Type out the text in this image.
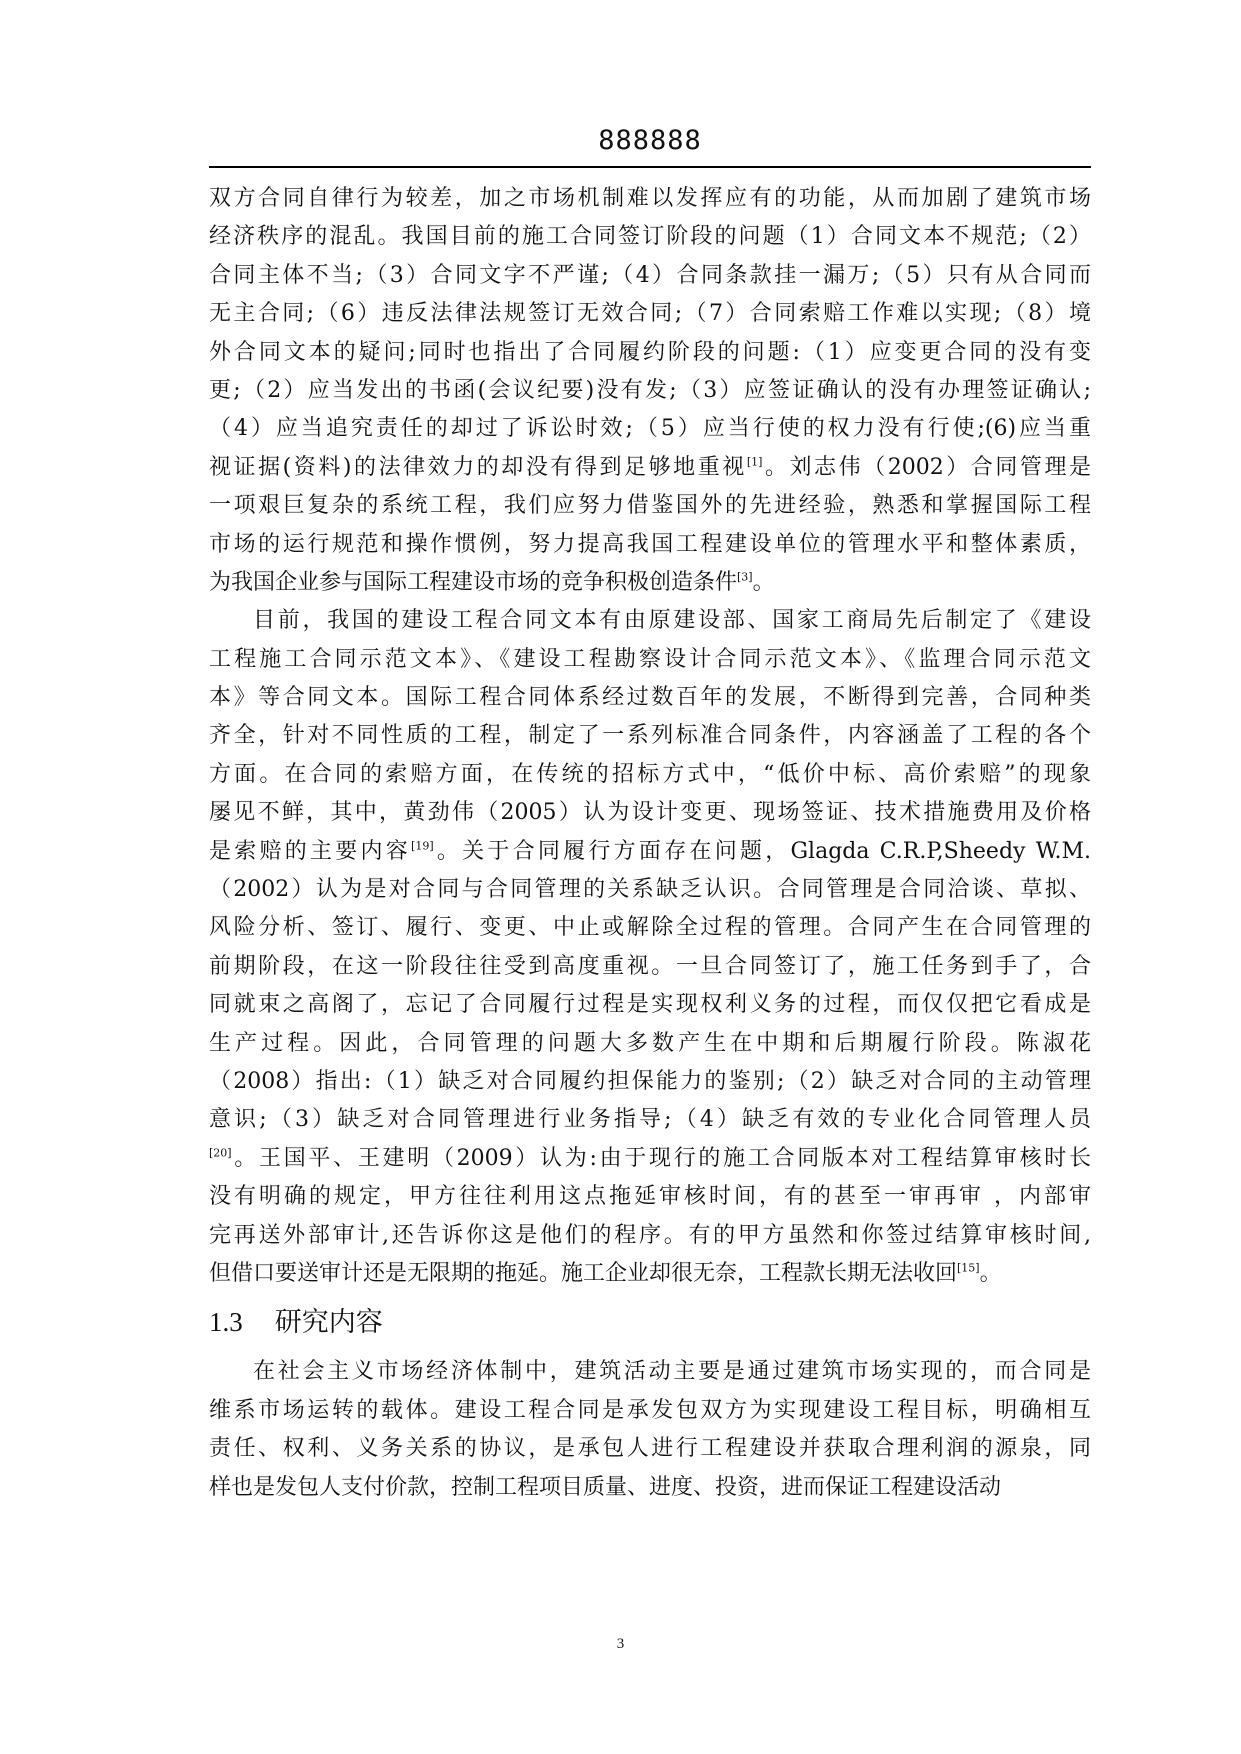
888888
双方合同自律行为较差，加之市场机制难以发挥应有的功能，从而加剧了建筑市场
经济秩序的混乱。我国目前的施工合同签订阶段的问题（1）合同文本不规范;（2）
合同主体不当;（3）合同文字不严谨;（4）合同条款挂一漏万;（5）只有从合同而
无主合同;（6）违反法律法规签订无效合同;（7）合同索赔工作难以实现;（8）境
外合同文本的疑问;同时也指出了合同履约阶段的问题:（1）应变更合同的没有变
更;（2）应当发出的书函(会议纪要)没有发;（3）应签证确认的没有办理签证确认;
（4）应当追究责任的却过了诉讼时效;（5）应当行使的权力没有行使;(6)应当重
视证据(资料)的法律效力的却没有得到足够地重视[1]。刘志伟（2002）合同管理是
一项艰巨复杂的系统工程，我们应努力借鉴国外的先进经验，熟悉和掌握国际工程
市场的运行规范和操作惯例，努力提高我国工程建设单位的管理水平和整体素质，
为我国企业参与国际工程建设市场的竞争积极创造条件[3]。
目前，我国的建设工程合同文本有由原建设部、国家工商局先后制定了《建设
工程施工合同示范文本》、《建设工程勘察设计合同示范文本》、《监理合同示范文
本》等合同文本。国际工程合同体系经过数百年的发展，不断得到完善，合同种类
齐全，针对不同性质的工程，制定了一系列标准合同条件，内容涵盖了工程的各个
方面。在合同的索赔方面，在传统的招标方式中，“低价中标、高价索赔”的现象
屡见不鲜，其中，黄劲伟（2005）认为设计变更、现场签证、技术措施费用及价格
是索赔的主要内容[19]。关于合同履行方面存在问题，Glagda C.R.P,Sheedy W.M.
（2002）认为是对合同与合同管理的关系缺乏认识。合同管理是合同洽谈、草拟、
风险分析、签订、履行、变更、中止或解除全过程的管理。合同产生在合同管理的
前期阶段，在这一阶段往往受到高度重视。一旦合同签订了，施工任务到手了，合
同就束之高阁了，忘记了合同履行过程是实现权利义务的过程，而仅仅把它看成是
生产过程。因此，合同管理的问题大多数产生在中期和后期履行阶段。陈淑花
（2008）指出:（1）缺乏对合同履约担保能力的鉴别;（2）缺乏对合同的主动管理
意识;（3）缺乏对合同管理进行业务指导;（4）缺乏有效的专业化合同管理人员
[20]。王国平、王建明（2009）认为:由于现行的施工合同版本对工程结算审核时长
没有明确的规定，甲方往往利用这点拖延审核时间，有的甚至一审再审 ，内部审
完再送外部审计,还告诉你这是他们的程序。有的甲方虽然和你签过结算审核时间,
但借口要送审计还是无限期的拖延。施工企业却很无奈，工程款长期无法收回[15]。
1.3 研究内容
在社会主义市场经济体制中，建筑活动主要是通过建筑市场实现的，而合同是
维系市场运转的载体。建设工程合同是承发包双方为实现建设工程目标，明确相互
责任、权利、义务关系的协议，是承包人进行工程建设并获取合理利润的源泉，同
样也是发包人支付价款，控制工程项目质量、进度、投资，进而保证工程建设活动
3
